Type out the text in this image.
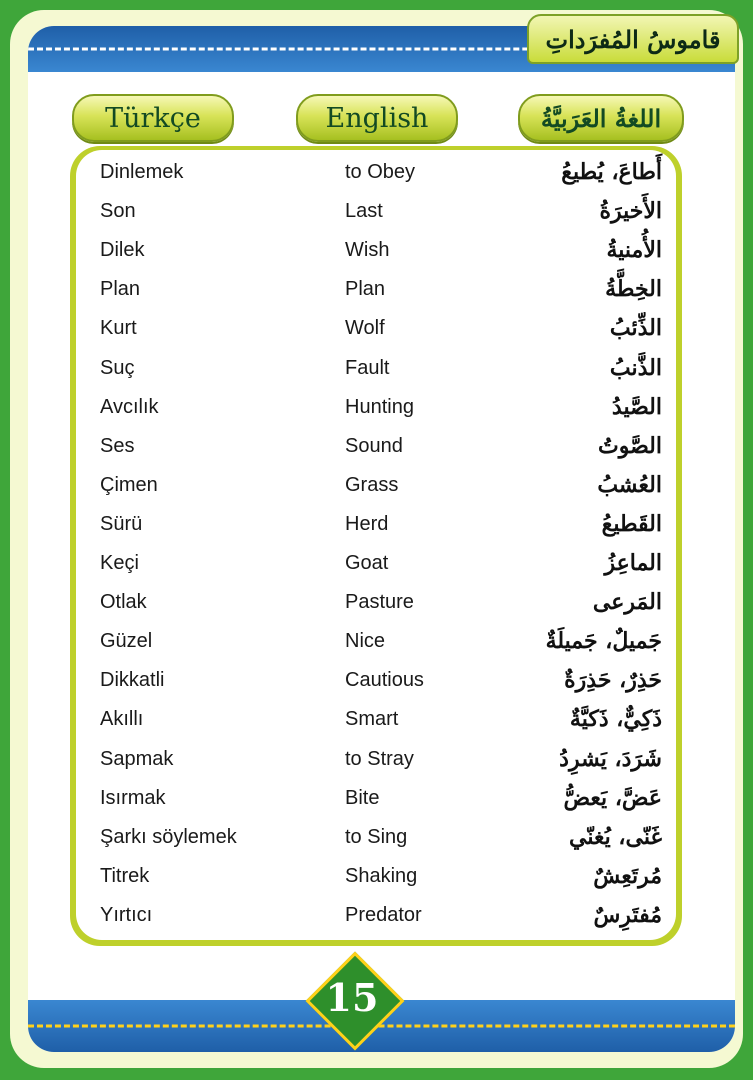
قاموسُ المُفرَداتِ
Türkçe	English	اللغةُ العَرَبيَّةُ
Dinlemek	to Obey	أَطاعَ، يُطيعُ
Son	Last	الأَخيرَةُ
Dilek	Wish	الأُمنيةُ
Plan	Plan	الخِطَّةُ
Kurt	Wolf	الذِّئبُ
Suç	Fault	الذَّنبُ
Avcılık	Hunting	الصَّيدُ
Ses	Sound	الصَّوتُ
Çimen	Grass	العُشبُ
Sürü	Herd	القَطيعُ
Keçi	Goat	الماعِزُ
Otlak	Pasture	المَرعى
Güzel	Nice	جَميلٌ، جَميلَةٌ
Dikkatli	Cautious	حَذِرٌ، حَذِرَةٌ
Akıllı	Smart	ذَكِيٌّ، ذَكيَّةٌ
Sapmak	to Stray	شَرَدَ، يَشرِدُ
Isırmak	Bite	عَضَّ، يَعضُّ
Şarkı söylemek	to Sing	غَنّى، يُغنّي
Titrek	Shaking	مُرتَعِشٌ
Yırtıcı	Predator	مُفتَرِسٌ
15
